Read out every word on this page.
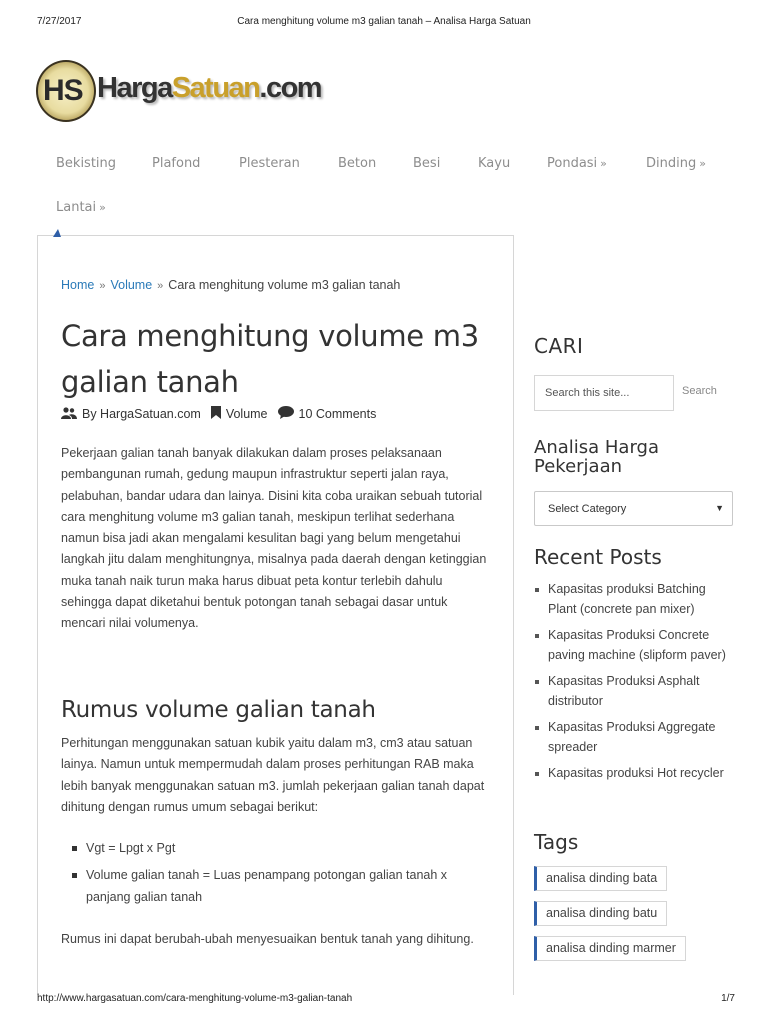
7/27/2017	Cara menghitung volume m3 galian tanah – Analisa Harga Satuan
HS HargaSatuan.com
Bekisting	Plafond	Plesteran	Beton	Besi	Kayu	Pondasi »	Dinding »
Lantai »
Home » Volume » Cara menghitung volume m3 galian tanah
Cara menghitung volume m3 galian tanah
By HargaSatuan.com Volume 10 Comments

Pekerjaan galian tanah banyak dilakukan dalam proses pelaksanaan pembangunan rumah, gedung maupun infrastruktur seperti jalan raya, pelabuhan, bandar udara dan lainya. Disini kita coba uraikan sebuah tutorial cara menghitung volume m3 galian tanah, meskipun terlihat sederhana namun bisa jadi akan mengalami kesulitan bagi yang belum mengetahui langkah jitu dalam menghitungnya, misalnya pada daerah dengan ketinggian muka tanah naik turun maka harus dibuat peta kontur terlebih dahulu sehingga dapat diketahui bentuk potongan tanah sebagai dasar untuk mencari nilai volumenya.

Rumus volume galian tanah

Perhitungan menggunakan satuan kubik yaitu dalam m3, cm3 atau satuan lainya. Namun untuk mempermudah dalam proses perhitungan RAB maka lebih banyak menggunakan satuan m3. jumlah pekerjaan galian tanah dapat dihitung dengan rumus umum sebagai berikut:

Vgt = Lpgt x Pgt
Volume galian tanah = Luas penampang potongan galian tanah x panjang galian tanah

Rumus ini dapat berubah-ubah menyesuaikan bentuk tanah yang dihitung.

CARI
Search this site...
Search
Analisa Harga Pekerjaan
Select Category	▼
Recent Posts
Kapasitas produksi Batching Plant (concrete pan mixer)
Kapasitas Produksi Concrete paving machine (slipform paver)
Kapasitas Produksi Asphalt distributor
Kapasitas Produksi Aggregate spreader
Kapasitas produksi Hot recycler
Tags
analisa dinding bata
analisa dinding batu
analisa dinding marmer
http://www.hargasatuan.com/cara-menghitung-volume-m3-galian-tanah	1/7
